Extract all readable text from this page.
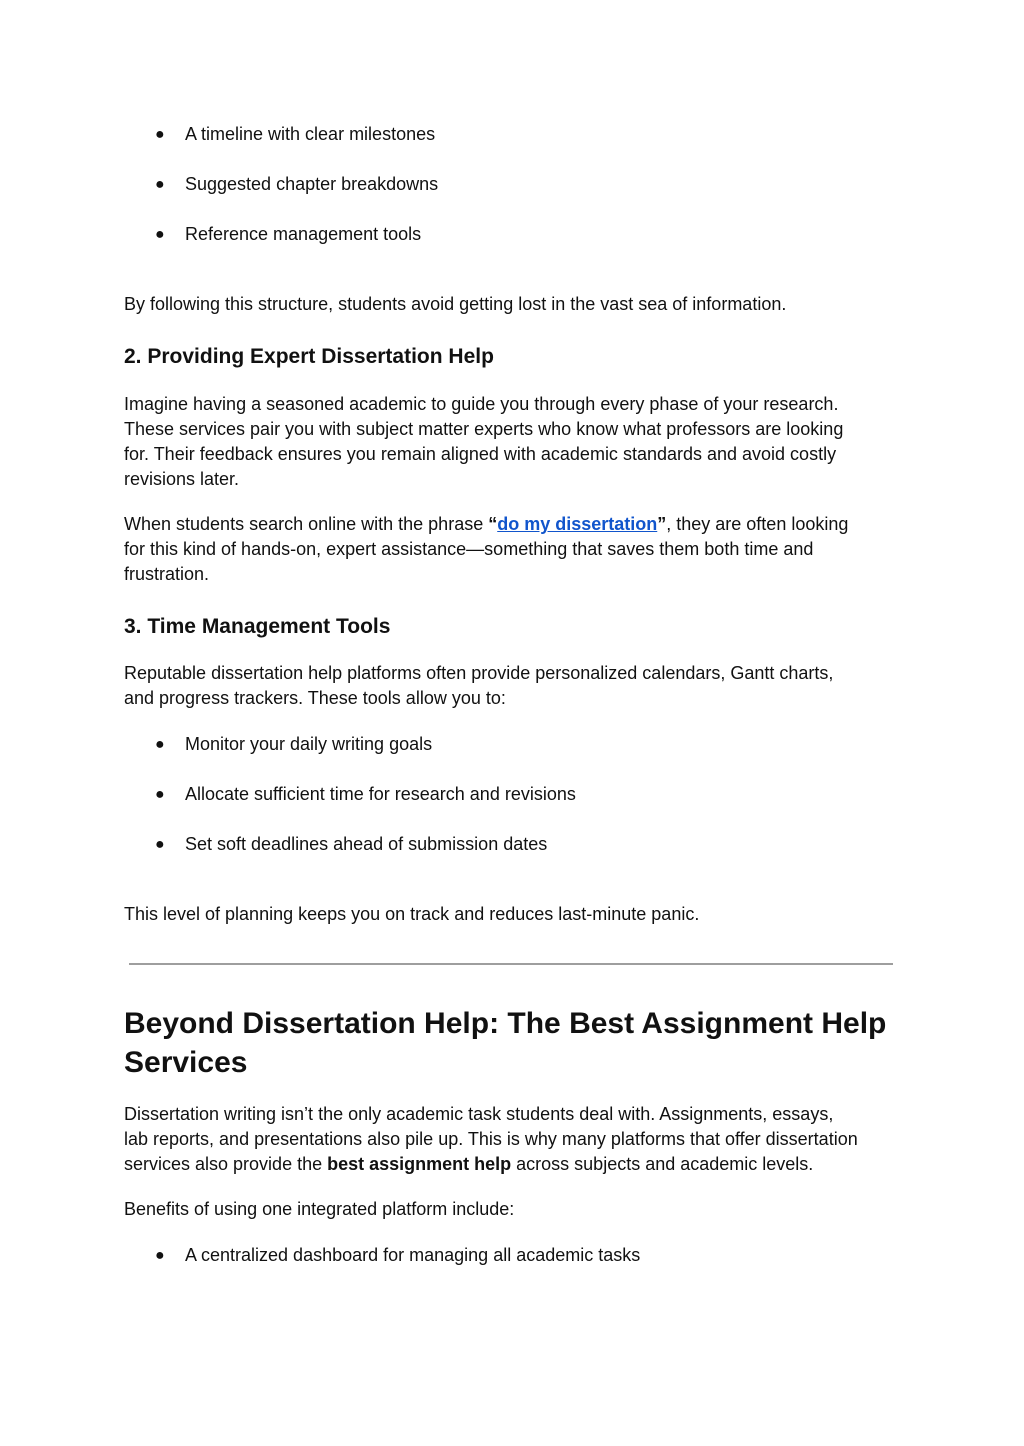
● A timeline with clear milestones
● Suggested chapter breakdowns
● Reference management tools
By following this structure, students avoid getting lost in the vast sea of information.
2. Providing Expert Dissertation Help
Imagine having a seasoned academic to guide you through every phase of your research.
These services pair you with subject matter experts who know what professors are looking
for. Their feedback ensures you remain aligned with academic standards and avoid costly
revisions later.
When students search online with the phrase “do my dissertation”, they are often looking
for this kind of hands-on, expert assistance—something that saves them both time and
frustration.
3. Time Management Tools
Reputable dissertation help platforms often provide personalized calendars, Gantt charts,
and progress trackers. These tools allow you to:
● Monitor your daily writing goals
● Allocate sufficient time for research and revisions
● Set soft deadlines ahead of submission dates
This level of planning keeps you on track and reduces last-minute panic.
Beyond Dissertation Help: The Best Assignment Help
Services
Dissertation writing isn’t the only academic task students deal with. Assignments, essays,
lab reports, and presentations also pile up. This is why many platforms that offer dissertation
services also provide the best assignment help across subjects and academic levels.
Benefits of using one integrated platform include:
● A centralized dashboard for managing all academic tasks
